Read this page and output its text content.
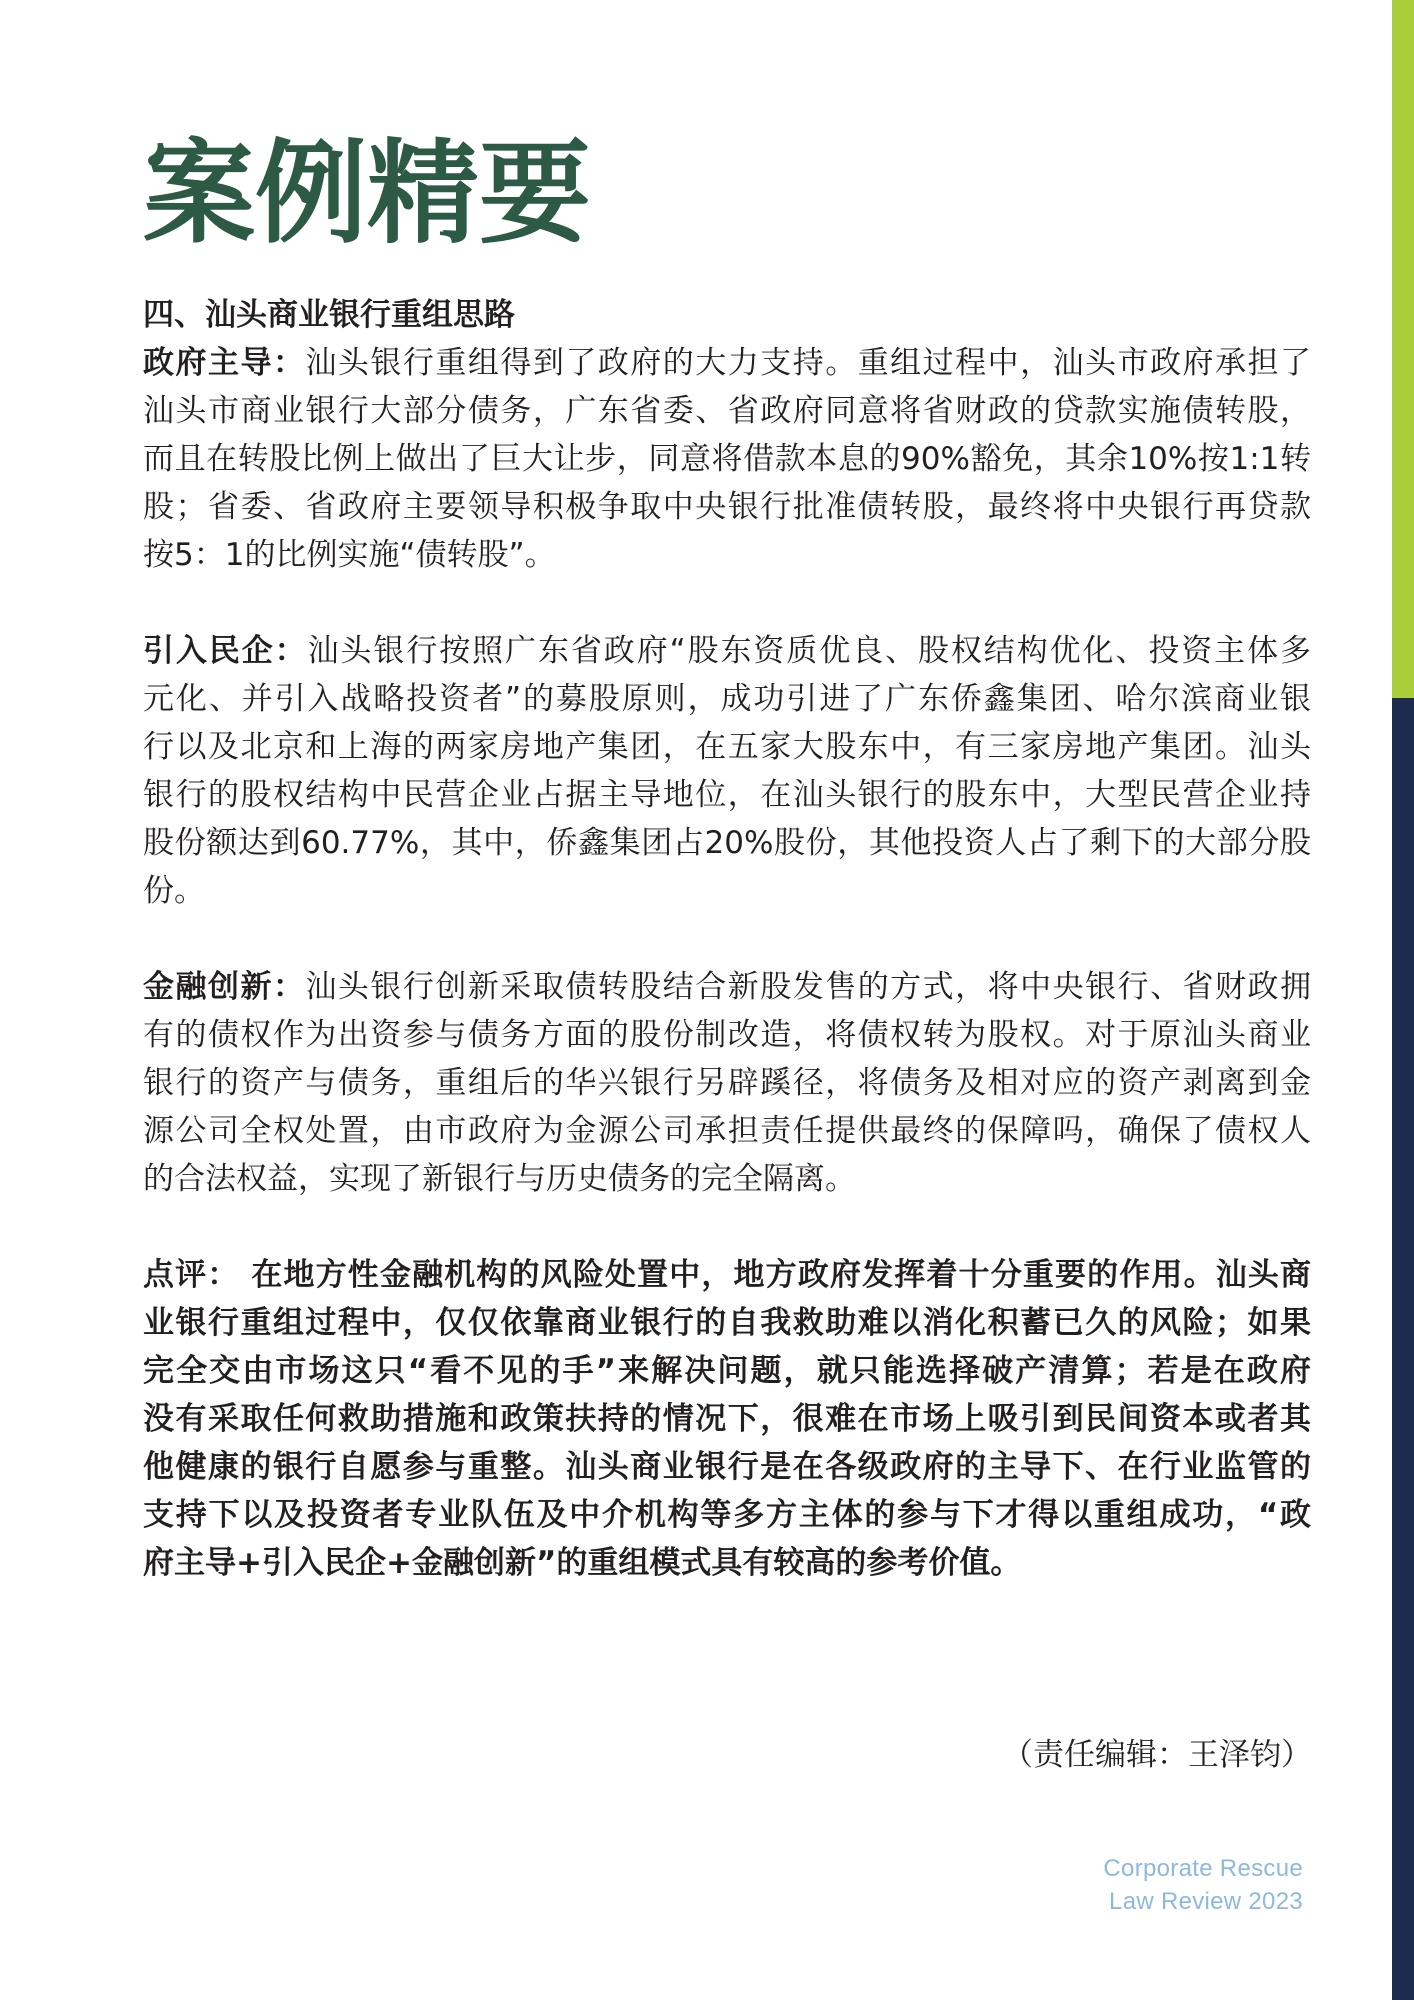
案例精要
四、汕头商业银行重组思路
政府主导：汕头银行重组得到了政府的大力支持。重组过程中，汕头市政府承担了
汕头市商业银行大部分债务，广东省委、省政府同意将省财政的贷款实施债转股，
而且在转股比例上做出了巨大让步，同意将借款本息的90%豁免，其余10%按1:1转
股；省委、省政府主要领导积极争取中央银行批准债转股，最终将中央银行再贷款
按5：1的比例实施“债转股”。
引入民企：汕头银行按照广东省政府“股东资质优良、股权结构优化、投资主体多
元化、并引入战略投资者”的募股原则，成功引进了广东侨鑫集团、哈尔滨商业银
行以及北京和上海的两家房地产集团，在五家大股东中，有三家房地产集团。汕头
银行的股权结构中民营企业占据主导地位，在汕头银行的股东中，大型民营企业持
股份额达到60.77%，其中，侨鑫集团占20%股份，其他投资人占了剩下的大部分股
份。
金融创新：汕头银行创新采取债转股结合新股发售的方式，将中央银行、省财政拥
有的债权作为出资参与债务方面的股份制改造，将债权转为股权。对于原汕头商业
银行的资产与债务，重组后的华兴银行另辟蹊径，将债务及相对应的资产剥离到金
源公司全权处置，由市政府为金源公司承担责任提供最终的保障吗，确保了债权人
的合法权益，实现了新银行与历史债务的完全隔离。
点评： 在地方性金融机构的风险处置中，地方政府发挥着十分重要的作用。汕头商
业银行重组过程中，仅仅依靠商业银行的自我救助难以消化积蓄已久的风险；如果
完全交由市场这只“看不见的手”来解决问题，就只能选择破产清算；若是在政府
没有采取任何救助措施和政策扶持的情况下，很难在市场上吸引到民间资本或者其
他健康的银行自愿参与重整。汕头商业银行是在各级政府的主导下、在行业监管的
支持下以及投资者专业队伍及中介机构等多方主体的参与下才得以重组成功，“政
府主导+引入民企+金融创新”的重组模式具有较高的参考价值。
（责任编辑：王泽钧）
Corporate Rescue
Law Review 2023
